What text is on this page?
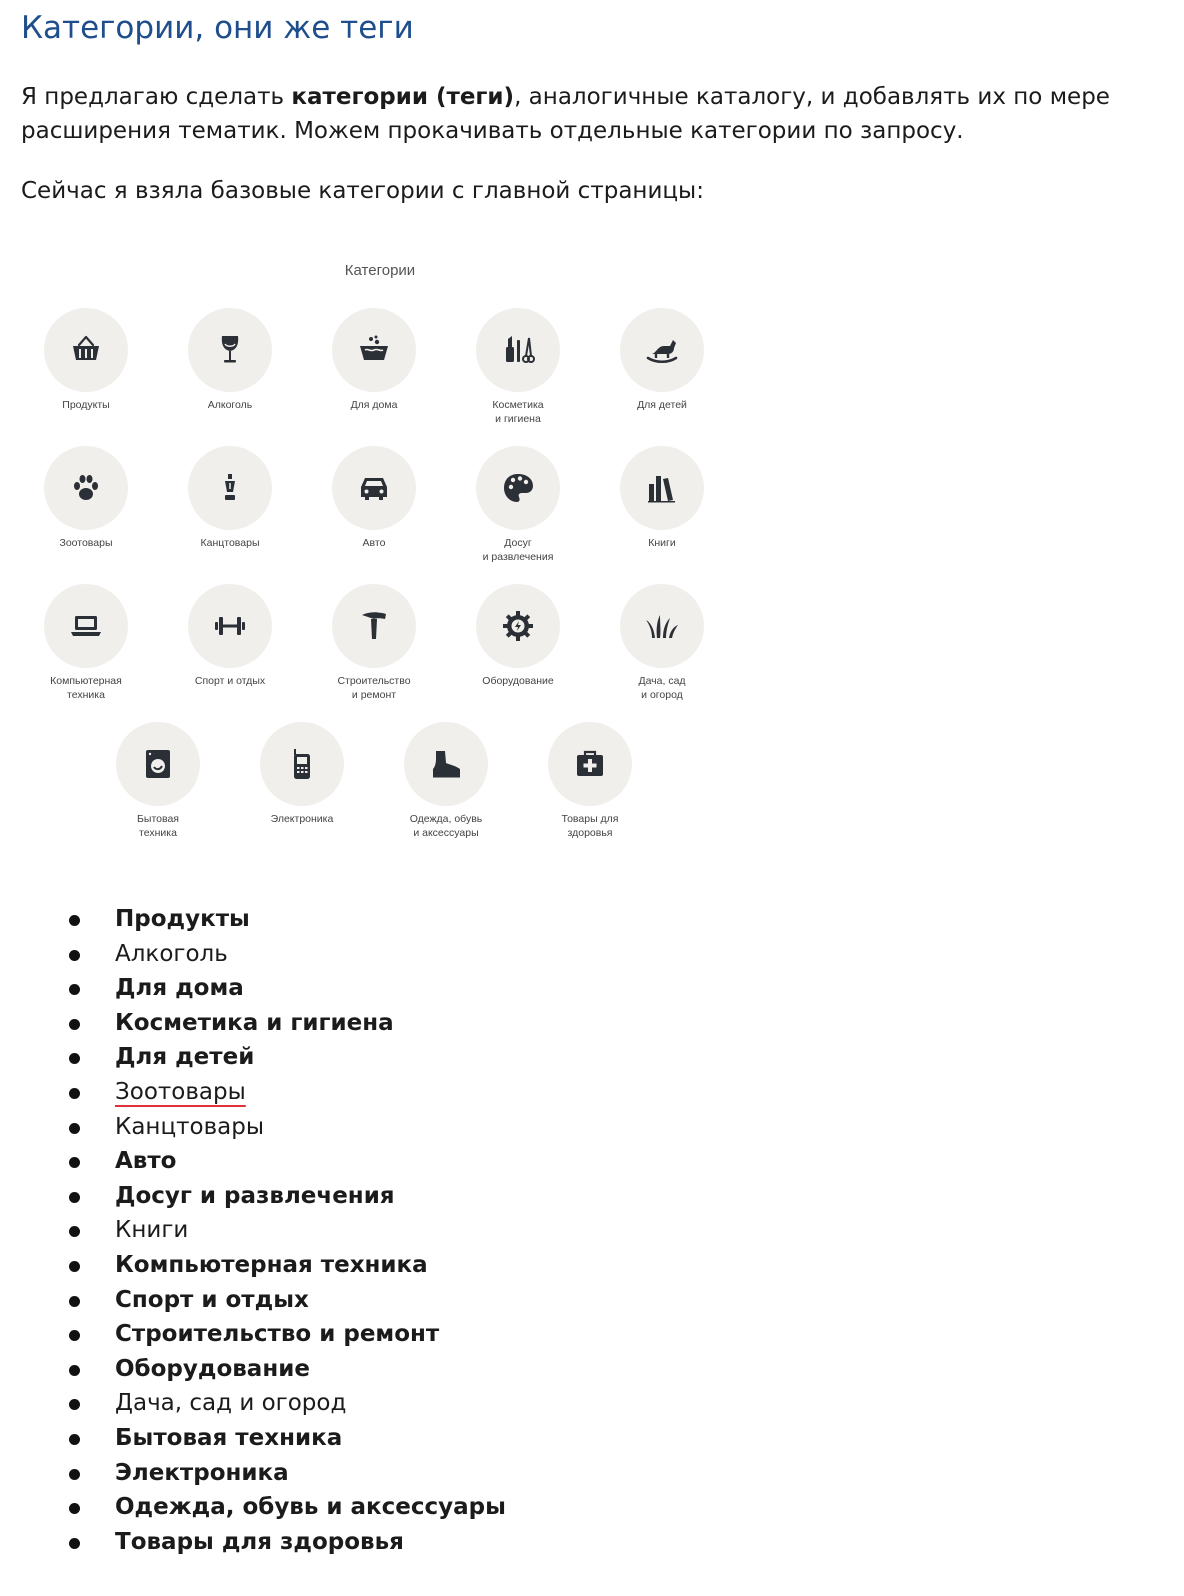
Категории, они же теги

Я предлагаю сделать категории (теги), аналогичные каталогу, и добавлять их по мере расширения тематик. Можем прокачивать отдельные категории по запросу.

Сейчас я взяла базовые категории с главной страницы:

Категории
Продукты	Алкоголь	Для дома	Косметика
и гигиена
Для детей
Зоотовары	Канцтовары	Авто	Досуг
и развлечения
Книги
Компьютерная
техника
Спорт и отдых	Строительство
и ремонт
Оборудование	Дача, сад
и огород
Бытовая
техника
Электроника	Одежда, обувь
и аксессуары
Товары для
здоровья
Продукты
Алкоголь
Для дома
Косметика и гигиена
Для детей
Зоотовары
Канцтовары
Авто
Досуг и развлечения
Книги
Компьютерная техника
Спорт и отдых
Строительство и ремонт
Оборудование
Дача, сад и огород
Бытовая техника
Электроника
Одежда, обувь и аксессуары
Товары для здоровья
